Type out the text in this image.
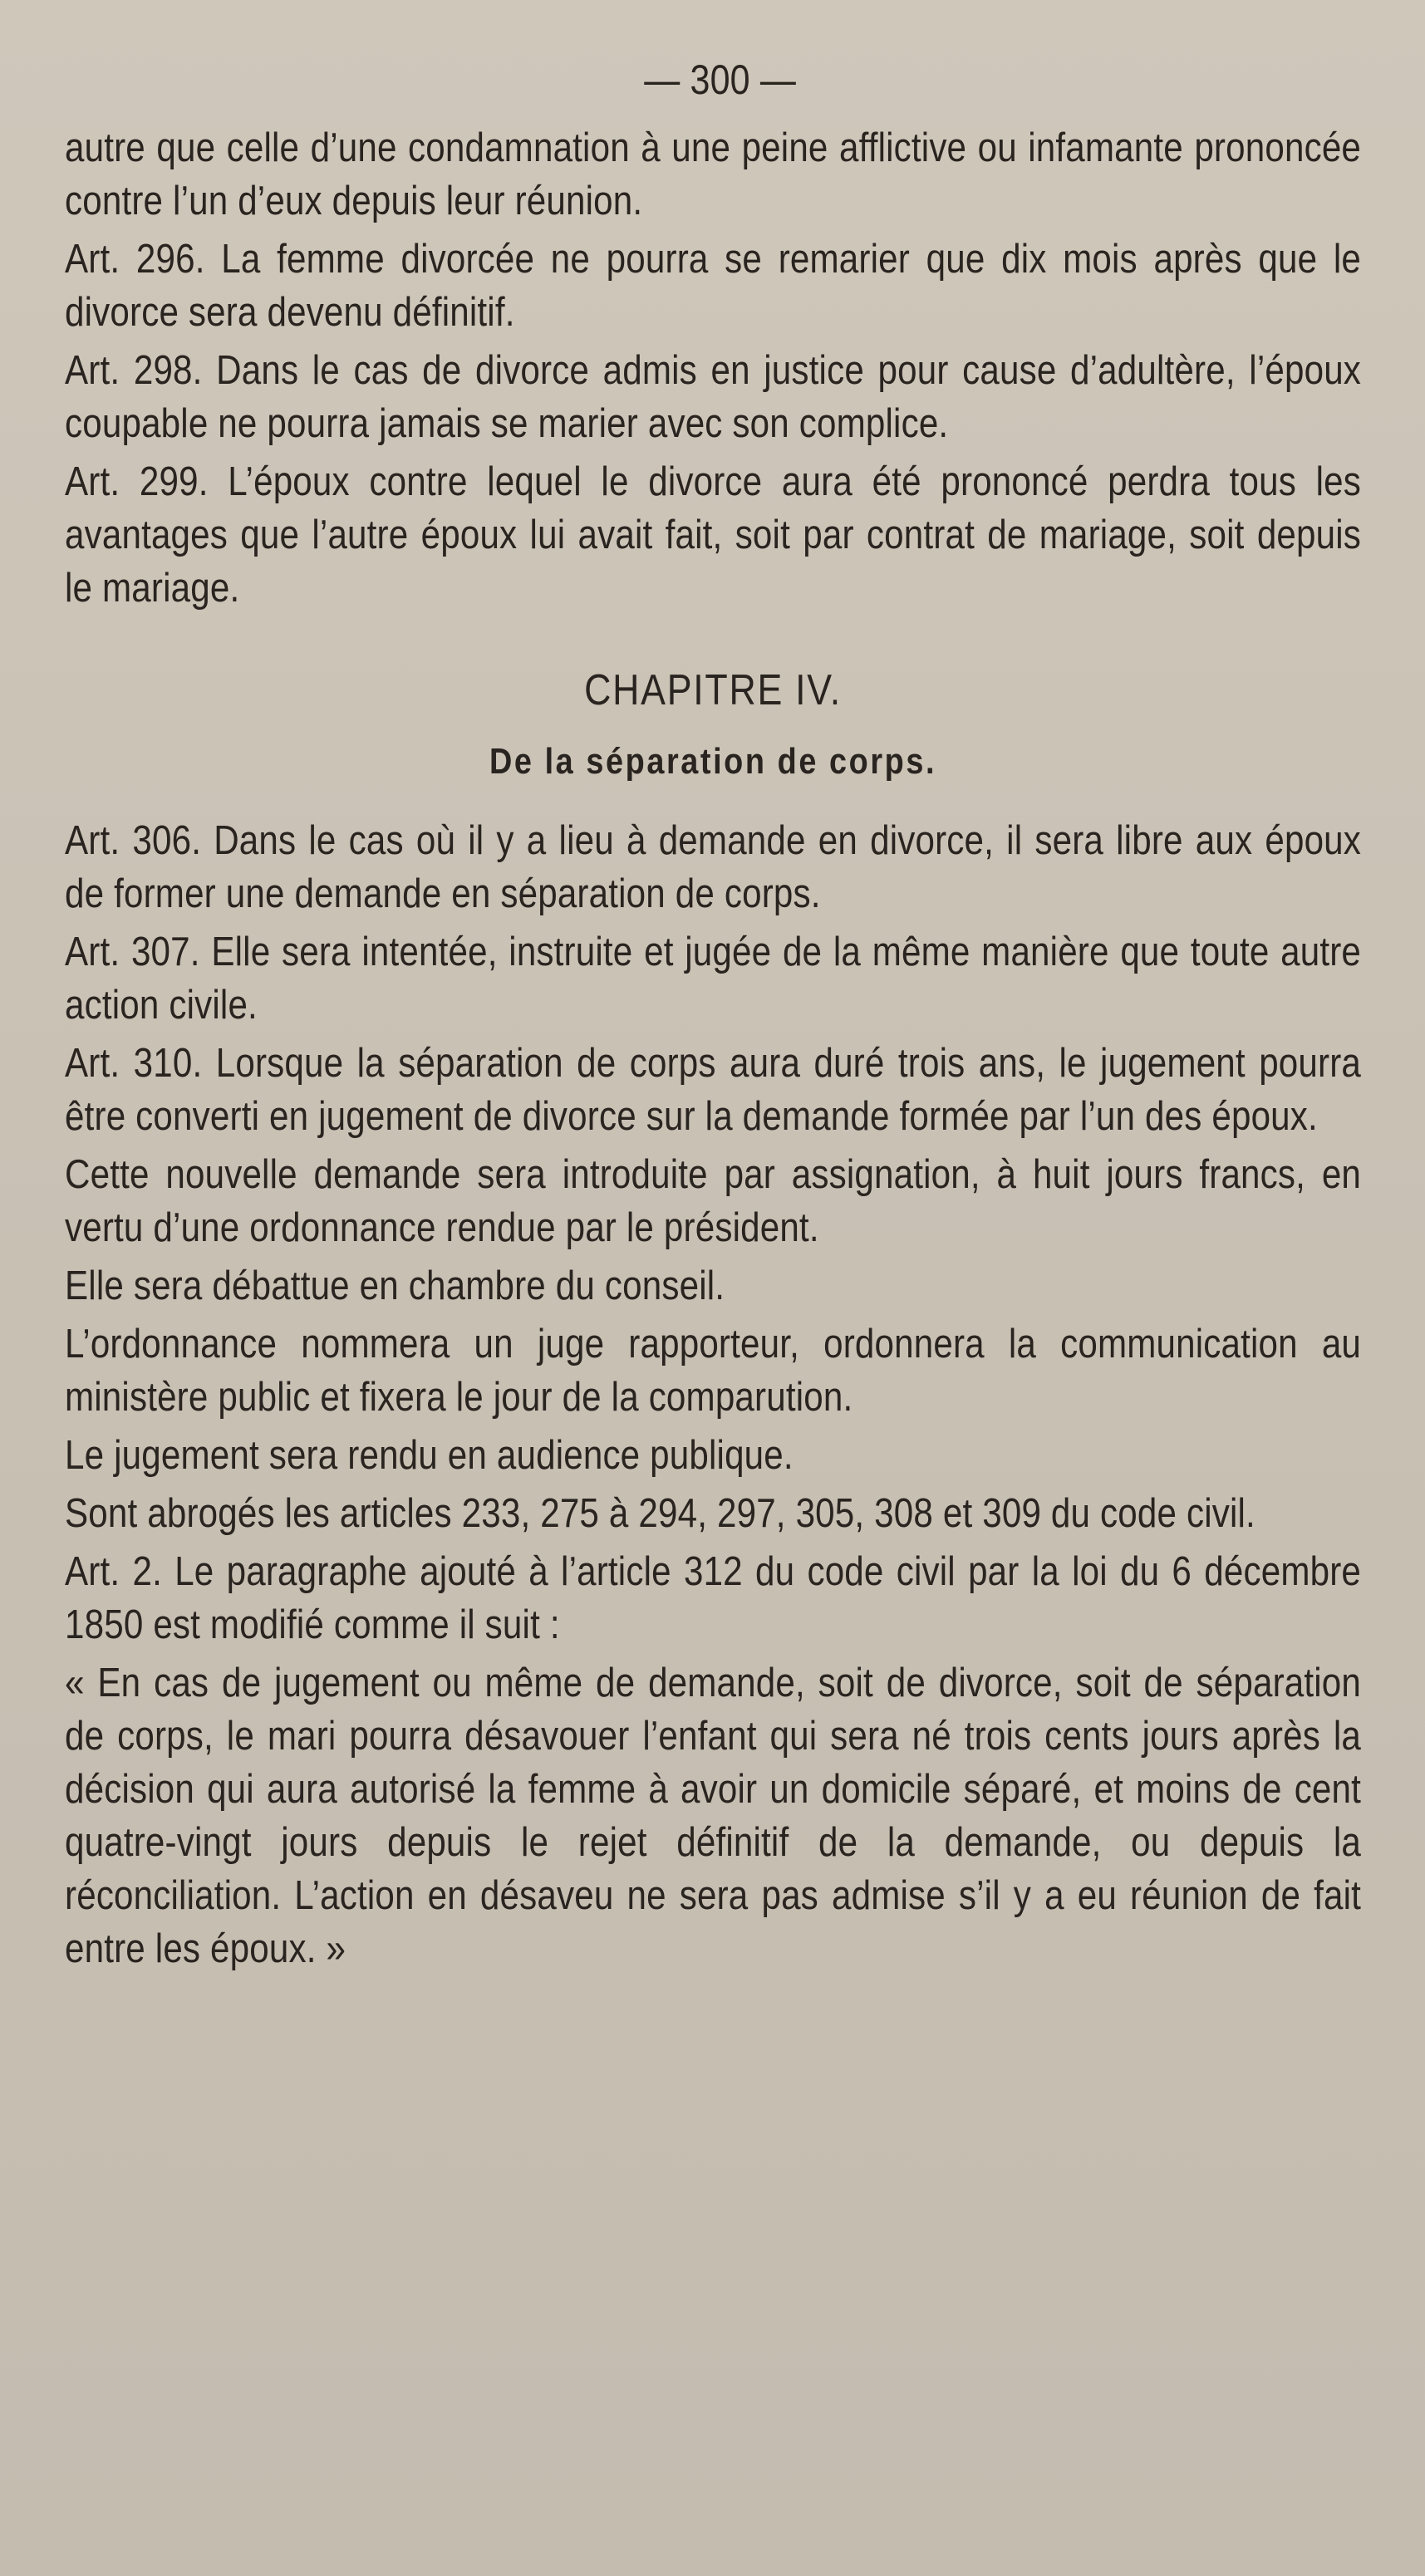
— 300 —

autre que celle d’une condamnation à une peine afflictive ou infamante prononcée contre l’un d’eux depuis leur réunion.

Art. 296. La femme divorcée ne pourra se remarier que dix mois après que le divorce sera devenu définitif.

Art. 298. Dans le cas de divorce admis en justice pour cause d’adultère, l’époux coupable ne pourra jamais se marier avec son complice.

Art. 299. L’époux contre lequel le divorce aura été prononcé perdra tous les avantages que l’autre époux lui avait fait, soit par contrat de mariage, soit depuis le mariage.

CHAPITRE IV.
De la séparation de corps.

Art. 306. Dans le cas où il y a lieu à demande en divorce, il sera libre aux époux de former une demande en séparation de corps.

Art. 307. Elle sera intentée, instruite et jugée de la même manière que toute autre action civile.

Art. 310. Lorsque la séparation de corps aura duré trois ans, le jugement pourra être converti en jugement de divorce sur la demande formée par l’un des époux.

Cette nouvelle demande sera introduite par assignation, à huit jours francs, en vertu d’une ordonnance rendue par le président.

Elle sera débattue en chambre du conseil.

L’ordonnance nommera un juge rapporteur, ordonnera la communication au ministère public et fixera le jour de la comparution.

Le jugement sera rendu en audience publique.

Sont abrogés les articles 233, 275 à 294, 297, 305, 308 et 309 du code civil.

Art. 2. Le paragraphe ajouté à l’article 312 du code civil par la loi du 6 décembre 1850 est modifié comme il suit :

« En cas de jugement ou même de demande, soit de divorce, soit de séparation de corps, le mari pourra désavouer l’enfant qui sera né trois cents jours après la décision qui aura autorisé la femme à avoir un domicile séparé, et moins de cent quatre-vingt jours depuis le rejet définitif de la demande, ou depuis la réconciliation. L’action en désaveu ne sera pas admise s’il y a eu réunion de fait entre les époux. »
